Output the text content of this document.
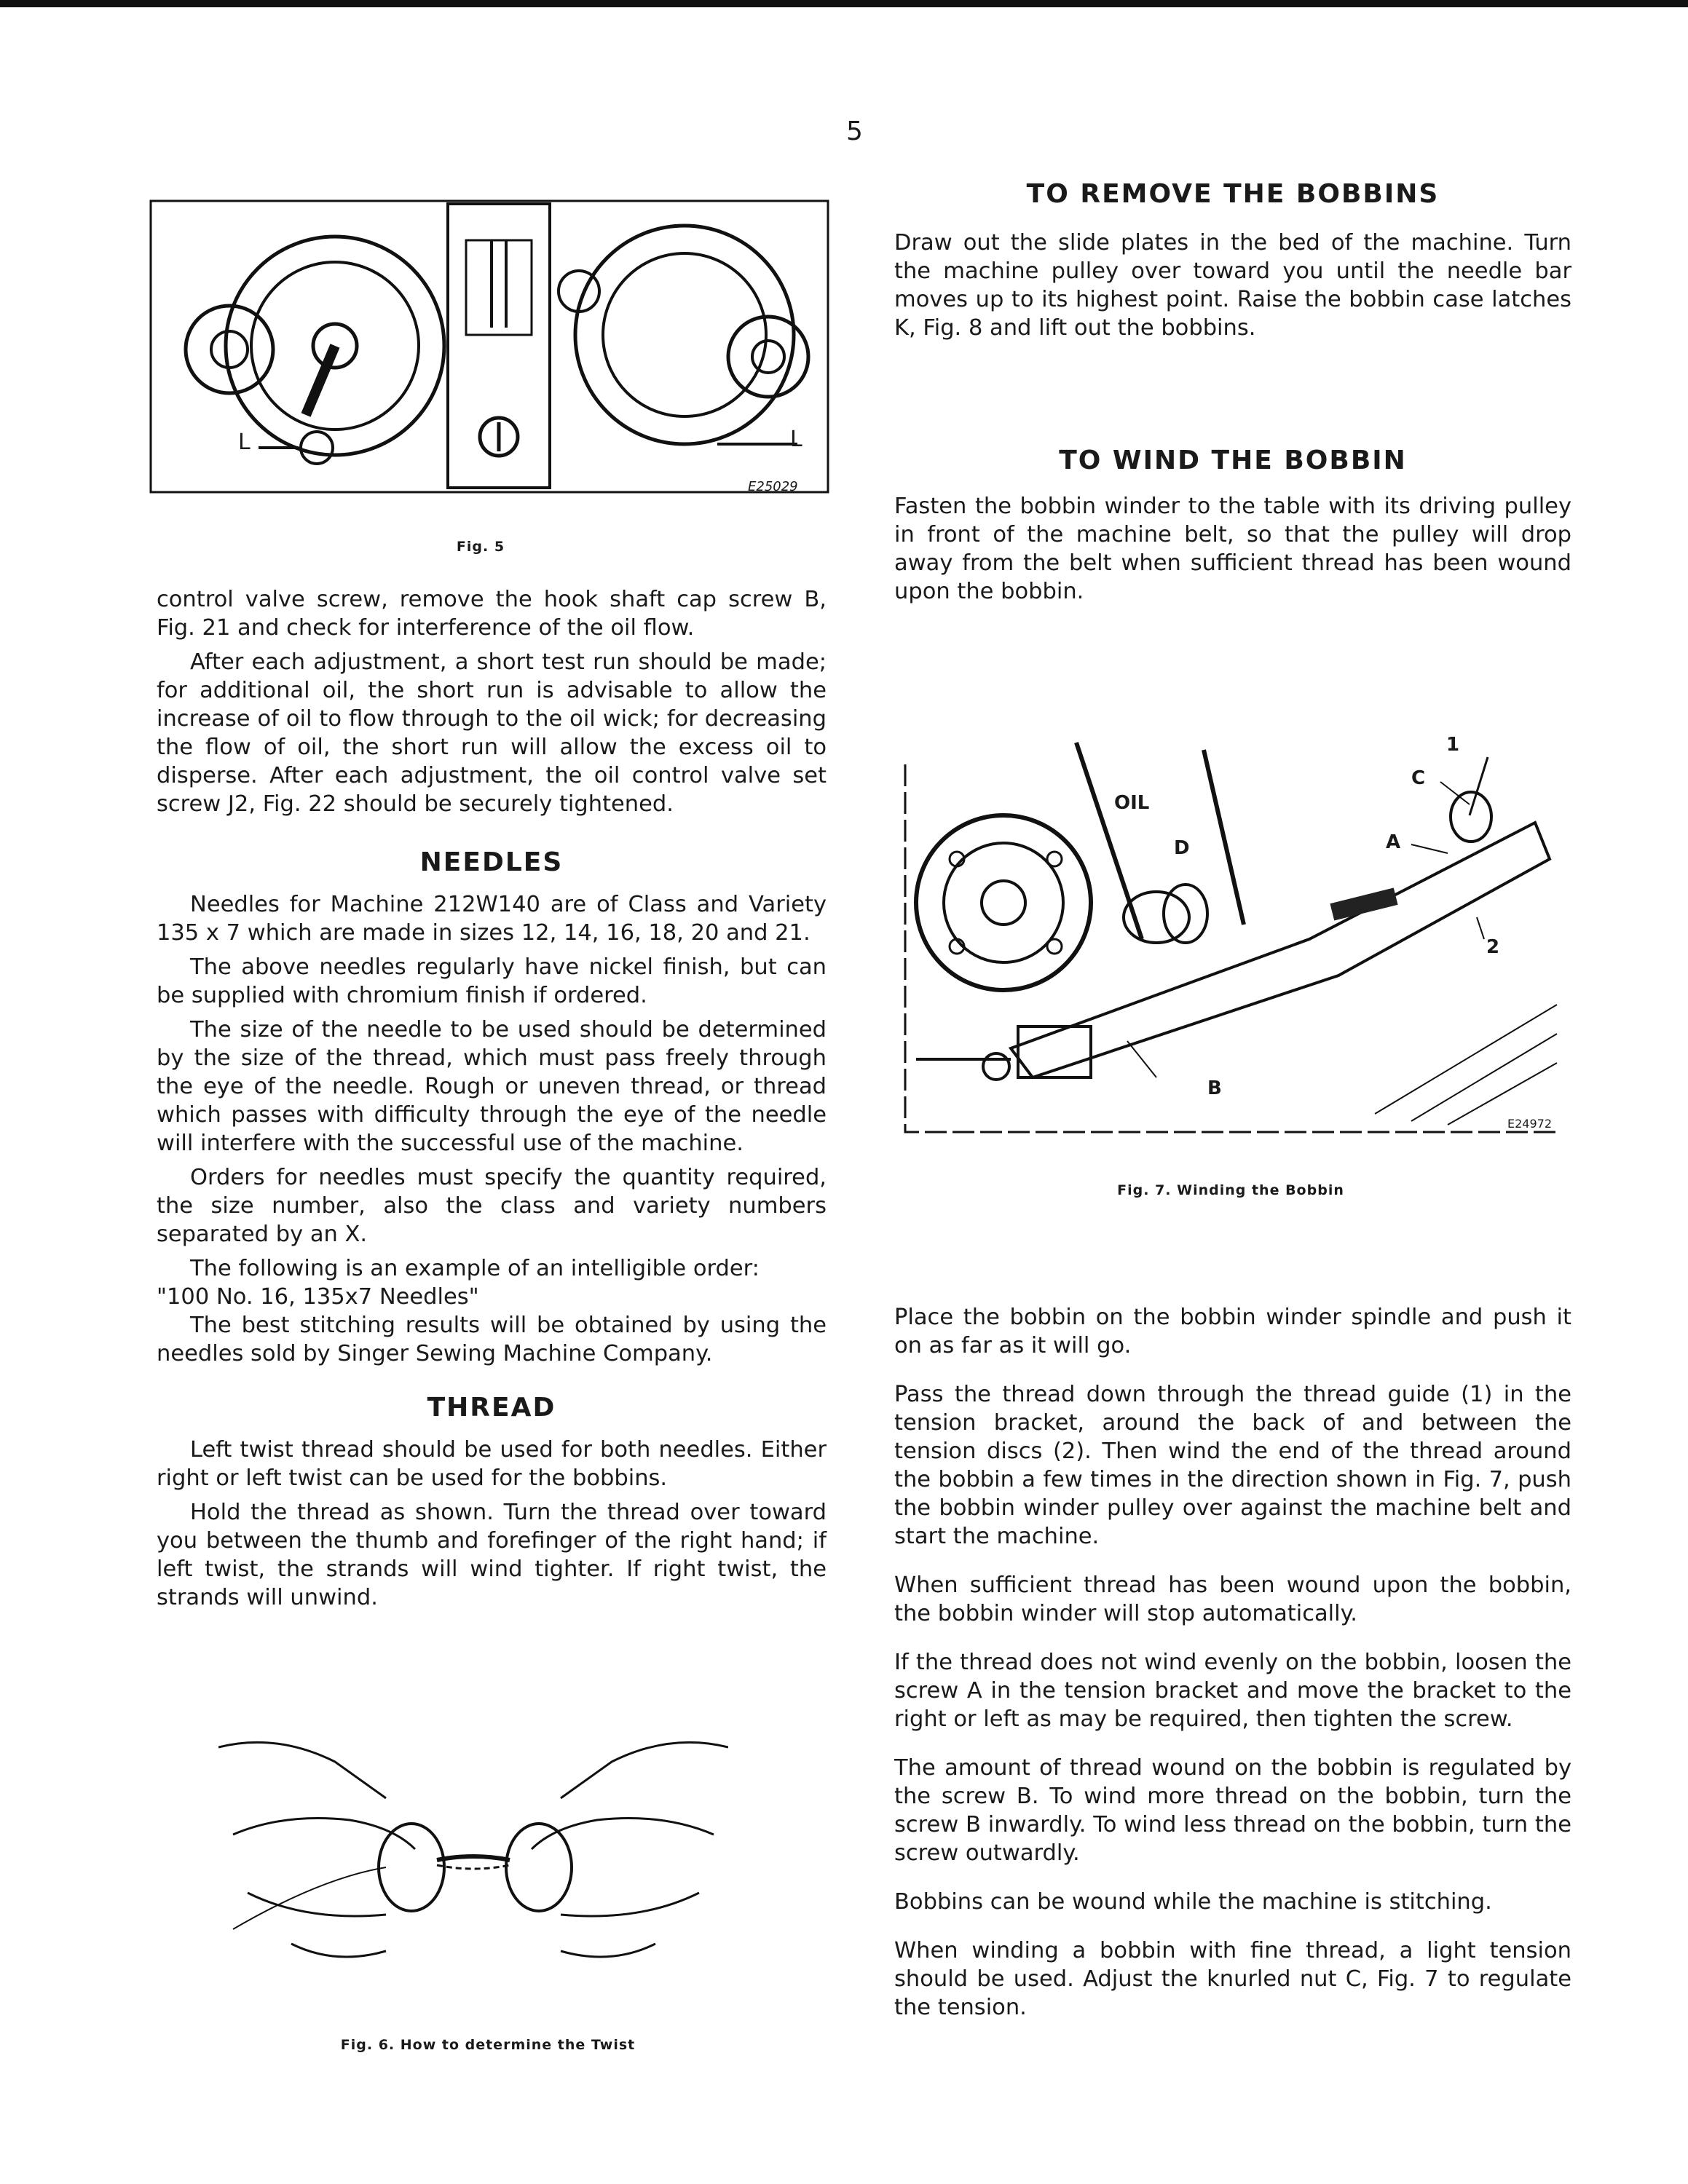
5
L	L
E25029
Fig. 5

control valve screw, remove the hook shaft cap screw B, Fig. 21 and check for interference of the oil flow.

After each adjustment, a short test run should be made; for additional oil, the short run is advisable to allow the increase of oil to flow through to the oil wick; for decreasing the flow of oil, the short run will allow the excess oil to disperse. After each adjustment, the oil control valve set screw J2, Fig. 22 should be securely tightened.

NEEDLES

Needles for Machine 212W140 are of Class and Variety 135 x 7 which are made in sizes 12, 14, 16, 18, 20 and 21.

The above needles regularly have nickel finish, but can be supplied with chromium finish if ordered.

The size of the needle to be used should be determined by the size of the thread, which must pass freely through the eye of the needle. Rough or uneven thread, or thread which passes with difficulty through the eye of the needle will interfere with the successful use of the machine.

Orders for needles must specify the quantity required, the size number, also the class and variety numbers separated by an X.

The following is an example of an intelligible order:

"100 No. 16, 135x7 Needles"

The best stitching results will be obtained by using the needles sold by Singer Sewing Machine Company.

THREAD

Left twist thread should be used for both needles. Either right or left twist can be used for the bobbins.

Hold the thread as shown. Turn the thread over toward you between the thumb and forefinger of the right hand; if left twist, the strands will wind tighter. If right twist, the strands will unwind.

Fig. 6. How to determine the Twist
TO REMOVE THE BOBBINS

Draw out the slide plates in the bed of the machine. Turn the machine pulley over toward you until the needle bar moves up to its highest point. Raise the bobbin case latches K, Fig. 8 and lift out the bobbins.

TO WIND THE BOBBIN

Fasten the bobbin winder to the table with its driving pulley in front of the machine belt, so that the pulley will drop away from the belt when sufficient thread has been wound upon the bobbin.

OIL
D
C
A
B
1
2
E24972
Fig. 7. Winding the Bobbin

Place the bobbin on the bobbin winder spindle and push it on as far as it will go.

Pass the thread down through the thread guide (1) in the tension bracket, around the back of and between the tension discs (2). Then wind the end of the thread around the bobbin a few times in the direction shown in Fig. 7, push the bobbin winder pulley over against the machine belt and start the machine.

When sufficient thread has been wound upon the bobbin, the bobbin winder will stop automatically.

If the thread does not wind evenly on the bobbin, loosen the screw A in the tension bracket and move the bracket to the right or left as may be required, then tighten the screw.

The amount of thread wound on the bobbin is regulated by the screw B. To wind more thread on the bobbin, turn the screw B inwardly. To wind less thread on the bobbin, turn the screw outwardly.

Bobbins can be wound while the machine is stitching.

When winding a bobbin with fine thread, a light tension should be used. Adjust the knurled nut C, Fig. 7 to regulate the tension.
